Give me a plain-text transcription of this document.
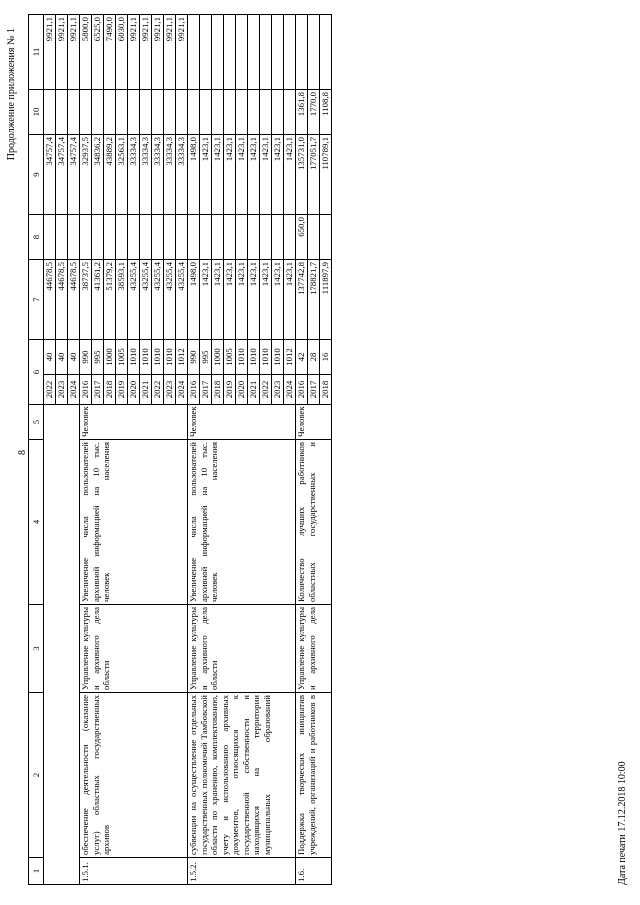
8
Продолжение приложения № 1
1	2	3	4	5	6		7	8	9	10	11
					2022	40	44678,5		34757,4		9921,1
					2023	40	44678,5		34757,4		9921,1
					2024	40	44678,5		34757,4		9921,1
1.5.1.	обеспечение деятельности (оказание услуг) областных государственных архивов	Управление культуры и архивного дела области	Увеличение числа пользователей архивной информацией на 10 тыс. человек населения	Человек	2016	990	38737,5		32937,5		5800,0
					2017	995	41361,2		34836,2		6525,0
					2018	1000	51379,2		43889,2		7490,0
					2019	1005	38593,1		32563,1		6030,0
					2020	1010	43255,4		33334,3		9921,1
					2021	1010	43255,4		33334,3		9921,1
					2022	1010	43255,4		33334,3		9921,1
					2023	1010	43255,4		33334,3		9921,1
					2024	1012	43255,4		33334,3		9921,1
1.5.2.	субвенции на осуществление отдельных государственных полномочий Тамбовской области по хранению, комплектованию, учету и использованию архивных документов, относящихся к государственной собственности и находящихся на территории муниципальных образований	Управление культуры и архивного дела области	Увеличение числа пользователей архивной информацией на 10 тыс. человек населения	Человек	2016	990	1498,0		1498,0		
					2017	995	1423,1		1423,1		
					2018	1000	1423,1		1423,1		
					2019	1005	1423,1		1423,1		
					2020	1010	1423,1		1423,1		
					2021	1010	1423,1		1423,1		
					2022	1010	1423,1		1423,1		
					2023	1010	1423,1		1423,1		
					2024	1012	1423,1		1423,1		
1.6.	Поддержка творческих инициатив учреждений, организаций и работников в	Управление культуры и архивного дела	Количество лучших работников областных государственных и	Человек	2016	42	137742,8	650,0	135731,0	1361,8	
					2017	28	178821,7		177051,7	1770,0	
					2018	16	111897,9		110789,1	1108,8	
Дата печати 17.12.2018 10:00
